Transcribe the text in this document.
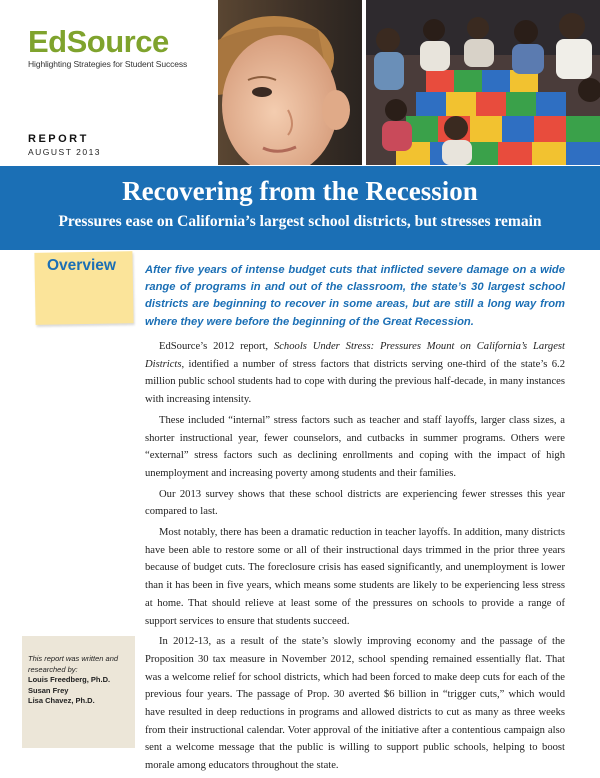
EdSource
Highlighting Strategies for Student Success
REPORT
AUGUST 2013
Recovering from the Recession
Pressures ease on California’s largest school districts, but stresses remain
Overview	After five years of intense budget cuts that inflicted severe damage on a wide range of programs in and out of the classroom, the state’s 30 largest school districts are beginning to recover in some areas, but are still a long way from where they were before the beginning of the Great Recession.

EdSource’s 2012 report, Schools Under Stress: Pressures Mount on California’s Largest Districts, identified a number of stress factors that districts serving one-third of the state’s 6.2 million public school students had to cope with during the previous half-decade, in many instances with increasing intensity.

These included “internal” stress factors such as teacher and staff layoffs, larger class sizes, a shorter instructional year, fewer counselors, and cutbacks in summer programs. Others were “external” stress factors such as declining enrollments and coping with the impact of high unemployment and increasing poverty among students and their families.

Our 2013 survey shows that these school districts are experiencing fewer stresses this year compared to last.

Most notably, there has been a dramatic reduction in teacher layoffs. In addition, many districts have been able to restore some or all of their instructional days trimmed in the prior three years because of budget cuts. The foreclosure crisis has eased significantly, and unemployment is lower than it has been in five years, which means some students are likely to be experiencing less stress at home. That should relieve at least some of the pressures on schools to provide a range of support services to ensure that students succeed.

In 2012-13, as a result of the state’s slowly improving economy and the passage of the Proposition 30 tax measure in November 2012, school spending remained essentially flat. That was a welcome relief for school districts, which had been forced to make deep cuts for each of the previous four years. The passage of Prop. 30 averted $6 billion in “trigger cuts,” which would have resulted in deep reductions in programs and allowed districts to cut as many as three weeks from their instructional calendar. Voter approval of the initiative after a contentious campaign also sent a welcome message that the public is willing to support public schools, helping to boost morale among educators throughout the state.

This report was written and researched by:
Louis Freedberg, Ph.D.
Susan Frey
Lisa Chavez, Ph.D.
